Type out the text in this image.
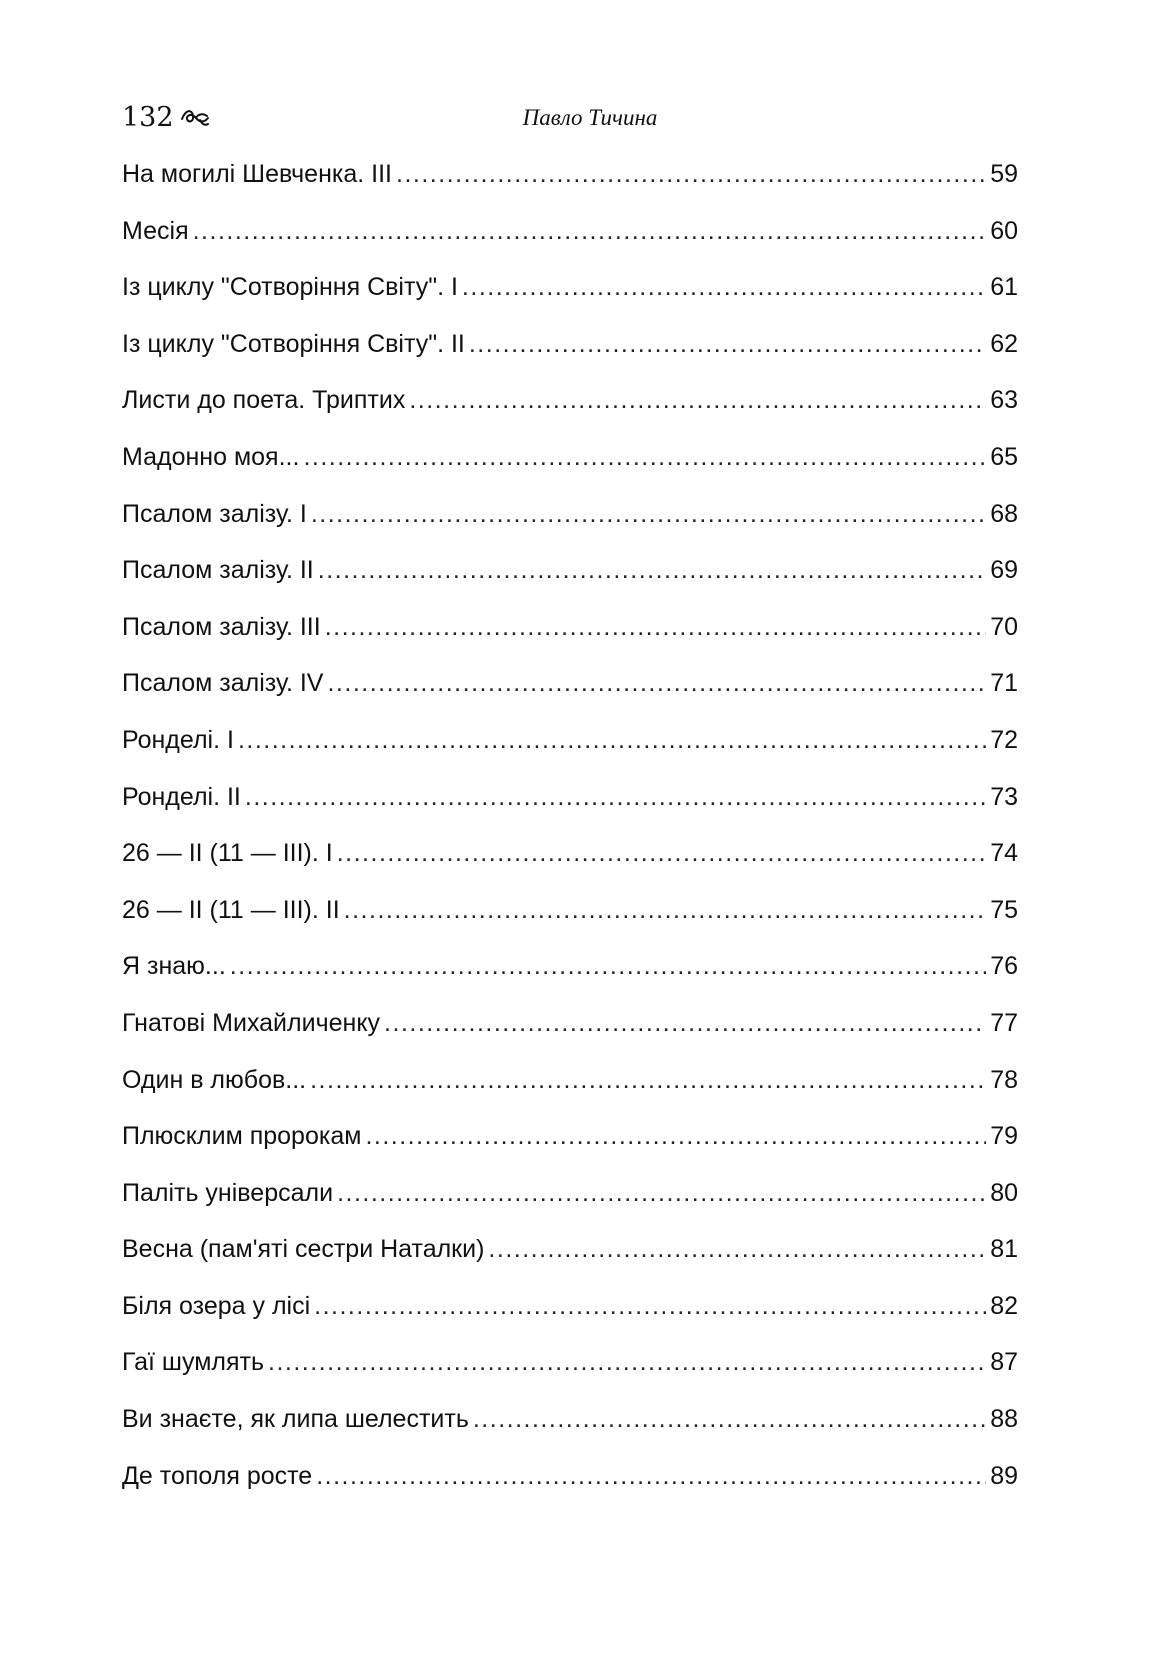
132	Павло Тичина
На могилі Шевченка. III .....	59
Месія .....	60
Із циклу "Сотворіння Світу". I .....	61
Із циклу "Сотворіння Світу". II .....	62
Листи до поета. Триптих .....	63
Мадонно моя... .....	65
Псалом залізу. I .....	68
Псалом залізу. II .....	69
Псалом залізу. III .....	70
Псалом залізу. IV .....	71
Ронделі. I .....	72
Ронделі. II .....	73
26 — II (11 — III). I .....	74
26 — II (11 — III). II .....	75
Я знаю... .....	76
Гнатові Михайличенку .....	77
Один в любов... .....	78
Плюсклим пророкам .....	79
Паліть універсали .....	80
Весна (пам'яті сестри Наталки) .....	81
Біля озера у лісі .....	82
Гаї шумлять .....	87
Ви знаєте, як липа шелестить .....	88
Де тополя росте .....	89
